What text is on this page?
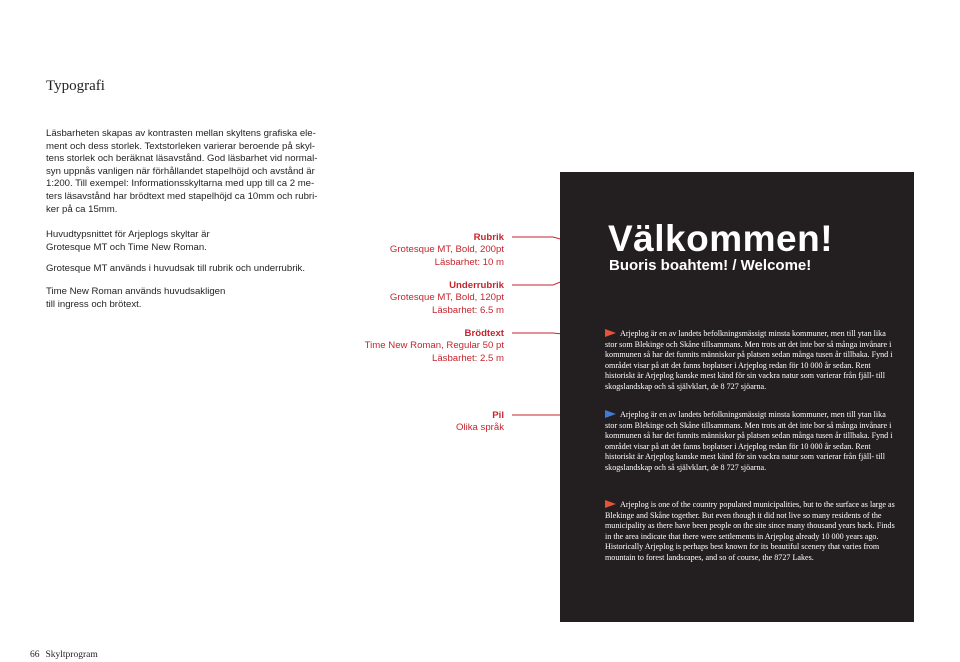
Typografi

Läsbarheten skapas av kontrasten mellan skyltens grafiska ele-

ment och dess storlek. Textstorleken varierar beroende på skyl-

tens storlek och beräknat läsavstånd. God läsbarhet vid normal-

syn uppnås vanligen när förhållandet stapelhöjd och avstånd är

1:200. Till exempel: Informationsskyltarna med upp till ca 2 me-

ters läsavstånd har brödtext med stapelhöjd ca 10mm och rubri-

ker på ca 15mm.

Huvudtypsnittet för Arjeplogs skyltar är
Grotesque MT och Time New Roman.
Grotesque MT används i huvudsak till rubrik och underrubrik.
Time New Roman används huvudsakligen
till ingress och brötext.
Rubrik
Grotesque MT, Bold, 200pt
Läsbarhet: 10 m
Underrubrik
Grotesque MT, Bold, 120pt
Läsbarhet: 6.5 m
Brödtext
Time New Roman, Regular 50 pt
Läsbarhet: 2.5 m
Pil
Olika språk
Välkommen!
Buoris boahtem! / Welcome!
Arjeplog är en av landets befolkningsmässigt minsta kommuner, men till ytan lika stor som Blekinge och Skåne tillsammans. Men trots att det inte bor så många invånare i kommunen så har det funnits människor på platsen sedan många tusen år tillbaka. Fynd i området visar på att det fanns boplatser i Arjeplog redan för 10 000 år sedan. Rent historiskt är Arjeplog kanske mest känd för sin vackra natur som varierar från fjäll- till skogslandskap och så självklart, de 8 727 sjöarna.
Arjeplog är en av landets befolkningsmässigt minsta kommuner, men till ytan lika stor som Blekinge och Skåne tillsammans. Men trots att det inte bor så många invånare i kommunen så har det funnits människor på platsen sedan många tusen år tillbaka. Fynd i området visar på att det fanns boplatser i Arjeplog redan för 10 000 år sedan. Rent historiskt är Arjeplog kanske mest känd för sin vackra natur som varierar från fjäll- till skogslandskap och så självklart, de 8 727 sjöarna.
Arjeplog is one of the country populated municipalities, but to the surface as large as Blekinge and Skåne together. But even though it did not live so many residents of the municipality as there have been people on the site since many thousand years back. Finds in the area indicate that there were settlements in Arjeplog already 10 000 years ago. Historically Arjeplog is perhaps best known for its beautiful scenery that varies from mountain to forest landscapes, and so of course, the 8727 Lakes.
66 Skyltprogram
